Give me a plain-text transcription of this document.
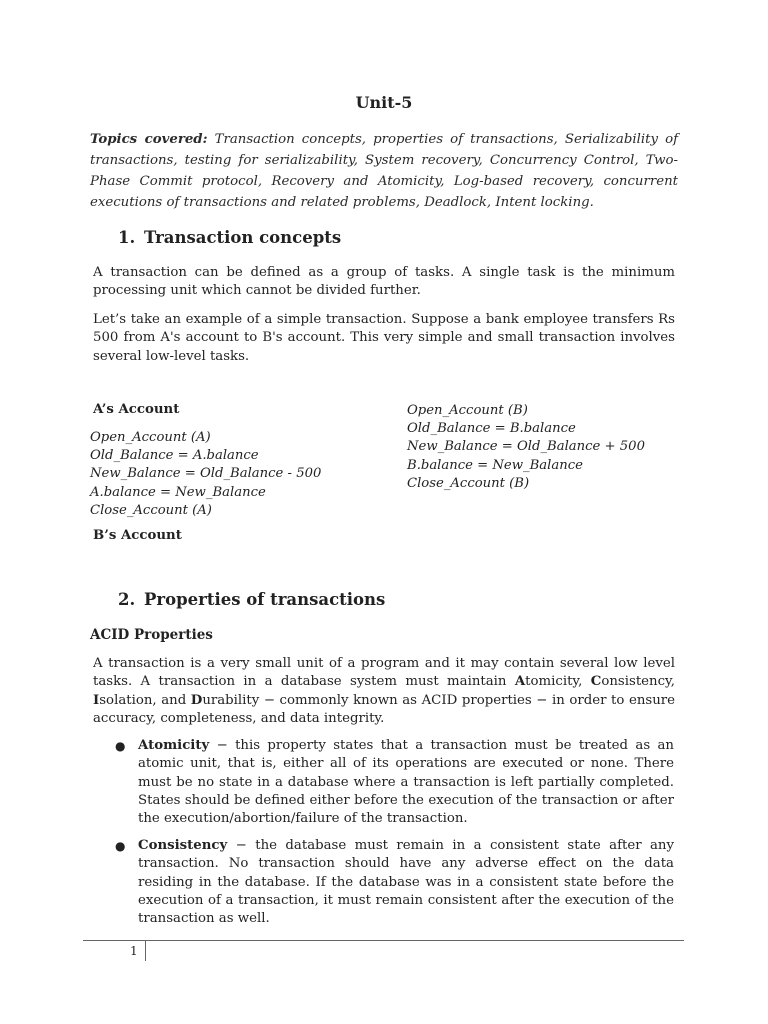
Unit-5
Topics covered: Transaction concepts, properties of transactions, Serializability of transactions, testing for serializability, System recovery, Concurrency Control, Two- Phase Commit protocol, Recovery and Atomicity, Log-based recovery, concurrent executions of transactions and related problems, Deadlock, Intent locking.
1. Transaction concepts
A transaction can be defined as a group of tasks. A single task is the minimum processing unit which cannot be divided further.
Let’s take an example of a simple transaction. Suppose a bank employee transfers Rs 500 from A's account to B's account. This very simple and small transaction involves several low-level tasks.
A’s Account
Open_Account (A)
Old_Balance = A.balance
New_Balance = Old_Balance - 500
A.balance = New_Balance
Close_Account (A)
B’s Account
Open_Account (B)
Old_Balance = B.balance
New_Balance = Old_Balance + 500
B.balance = New_Balance
Close_Account (B)
2. Properties of transactions
ACID Properties
A transaction is a very small unit of a program and it may contain several low level tasks. A transaction in a database system must maintain Atomicity, Consistency, Isolation, and Durability − commonly known as ACID properties − in order to ensure accuracy, completeness, and data integrity.
● Atomicity − this property states that a transaction must be treated as an atomic unit, that is, either all of its operations are executed or none. There must be no state in a database where a transaction is left partially completed. States should be defined either before the execution of the transaction or after the execution/abortion/failure of the transaction.
● Consistency − the database must remain in a consistent state after any transaction. No transaction should have any adverse effect on the data residing in the database. If the database was in a consistent state before the execution of a transaction, it must remain consistent after the execution of the transaction as well.
1
